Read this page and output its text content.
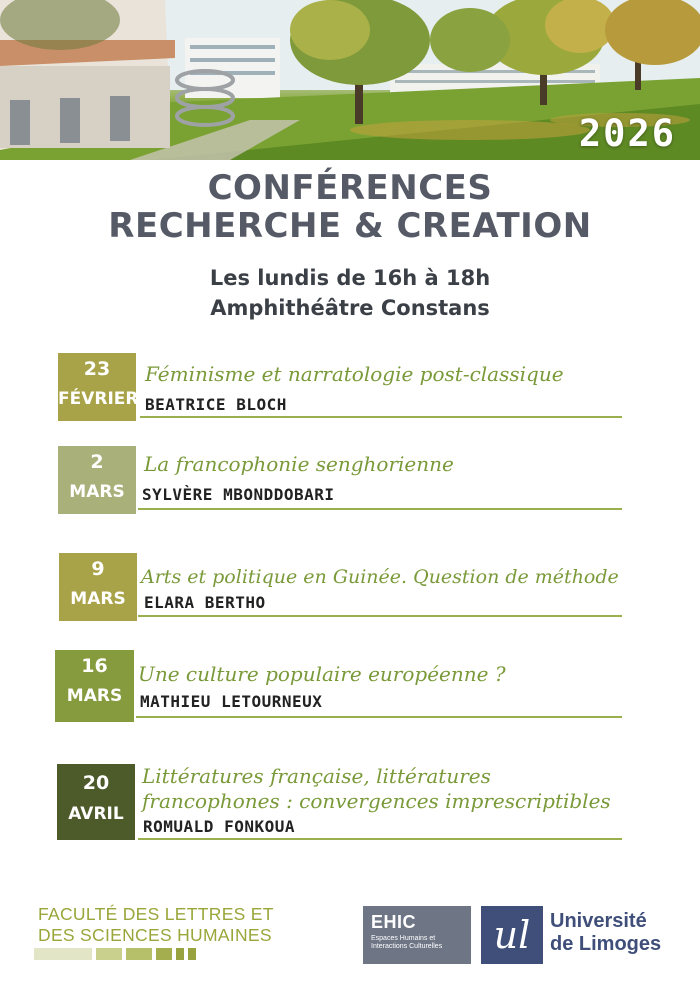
2026
CONFÉRENCES
RECHERCHE & CREATION
Les lundis de 16h à 18h
Amphithéâtre Constans
23
FÉVRIER
Féminisme et narratologie post-classique
BEATRICE BLOCH
2
MARS
La francophonie senghorienne
SYLVÈRE MBONDDOBARI
9
MARS
Arts et politique en Guinée. Question de méthode
ELARA BERTHO
16
MARS
Une culture populaire européenne ?
MATHIEU LETOURNEUX
20
AVRIL
Littératures française, littératures
francophones : convergences imprescriptibles
ROMUALD FONKOUA
FACULTÉ DES LETTRES ET
DES SCIENCES HUMAINES
EHIC
Espaces Humains et Interactions Culturelles	ul Université
de Limoges
